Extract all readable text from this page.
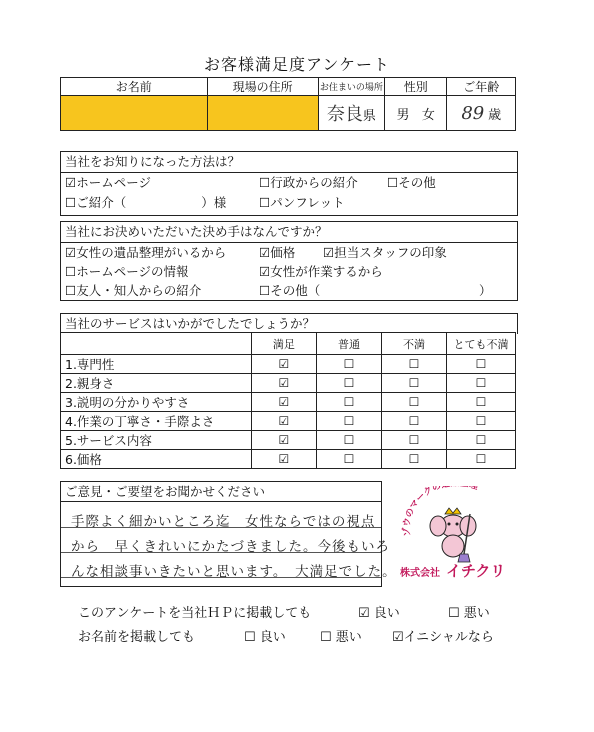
お客様満足度アンケート
お名前	現場の住所	お住まいの場所	性別	ご年齢
		奈良県	男 女	89 歳
当社をお知りになった方法は？
☑ホームページ	☐行政からの紹介 ☐その他
☐ご紹介（　　　　　　）様	☐パンフレット
当社にお決めいただいた決め手はなんですか？
☑女性の遺品整理がいるから	☑価格 ☑担当スタッフの印象
☐ホームページの情報	☑女性が作業するから
☐友人・知人からの紹介	☐その他（	）
当社のサービスはいかがでしたでしょうか？
	満足	普通	不満	とても不満
1.専門性	☑	☐	☐	☐
2.親身さ	☑	☐	☐	☐
3.説明の分かりやすさ	☑	☐	☐	☐
4.作業の丁寧さ・手際よさ	☑	☐	☐	☐
5.サービス内容	☑	☐	☐	☐
6.価格	☑	☐	☐	☐
ご意見・ご要望をお聞かせください
手際よく細かいところ迄　女性ならではの視点
から　早くきれいにかたづきました。今後もいろ
んな相談事いきたいと思います。　大満足でした。
ゾウのマークの 理
株式会社 イチクリ
このアンケートを当社ＨＰに掲載しても	☑ 良い	☐ 悪い
お名前を掲載しても	☐ 良い	☐ 悪い ☑イニシャルなら
